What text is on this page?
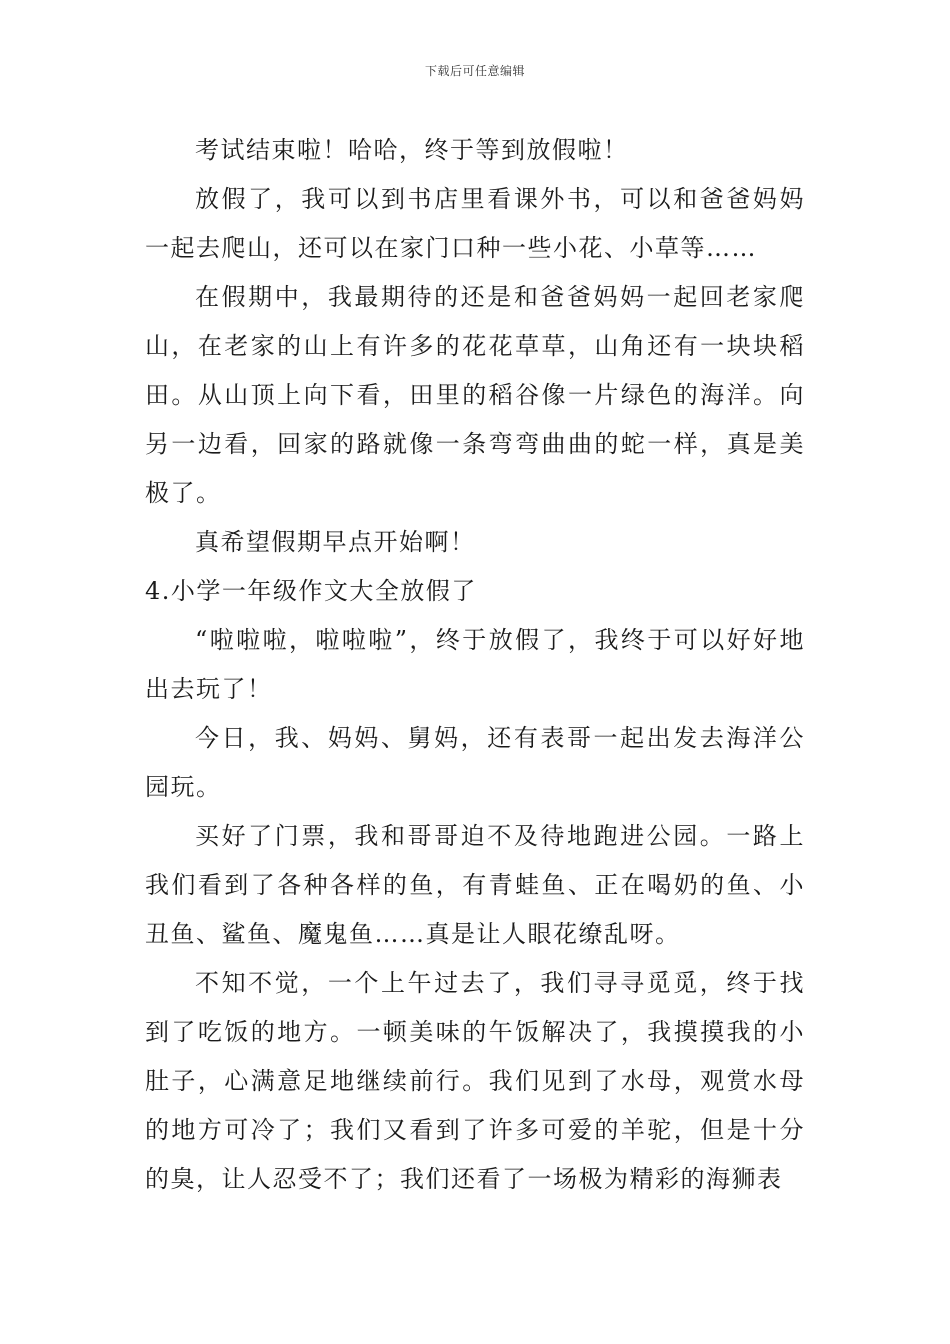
下载后可任意编辑

考试结束啦！哈哈，终于等到放假啦！

放假了，我可以到书店里看课外书，可以和爸爸妈妈一起去爬山，还可以在家门口种一些小花、小草等……

在假期中，我最期待的还是和爸爸妈妈一起回老家爬山，在老家的山上有许多的花花草草，山角还有一块块稻田。从山顶上向下看，田里的稻谷像一片绿色的海洋。向另一边看，回家的路就像一条弯弯曲曲的蛇一样，真是美极了。

真希望假期早点开始啊！

4.小学一年级作文大全放假了

“啦啦啦，啦啦啦”，终于放假了，我终于可以好好地出去玩了！

今日，我、妈妈、舅妈，还有表哥一起出发去海洋公园玩。

买好了门票，我和哥哥迫不及待地跑进公园。一路上我们看到了各种各样的鱼，有青蛙鱼、正在喝奶的鱼、小丑鱼、鲨鱼、魔鬼鱼……真是让人眼花缭乱呀。

不知不觉，一个上午过去了，我们寻寻觅觅，终于找到了吃饭的地方。一顿美味的午饭解决了，我摸摸我的小肚子，心满意足地继续前行。我们见到了水母，观赏水母的地方可冷了；我们又看到了许多可爱的羊驼，但是十分的臭，让人忍受不了；我们还看了一场极为精彩的海狮表
